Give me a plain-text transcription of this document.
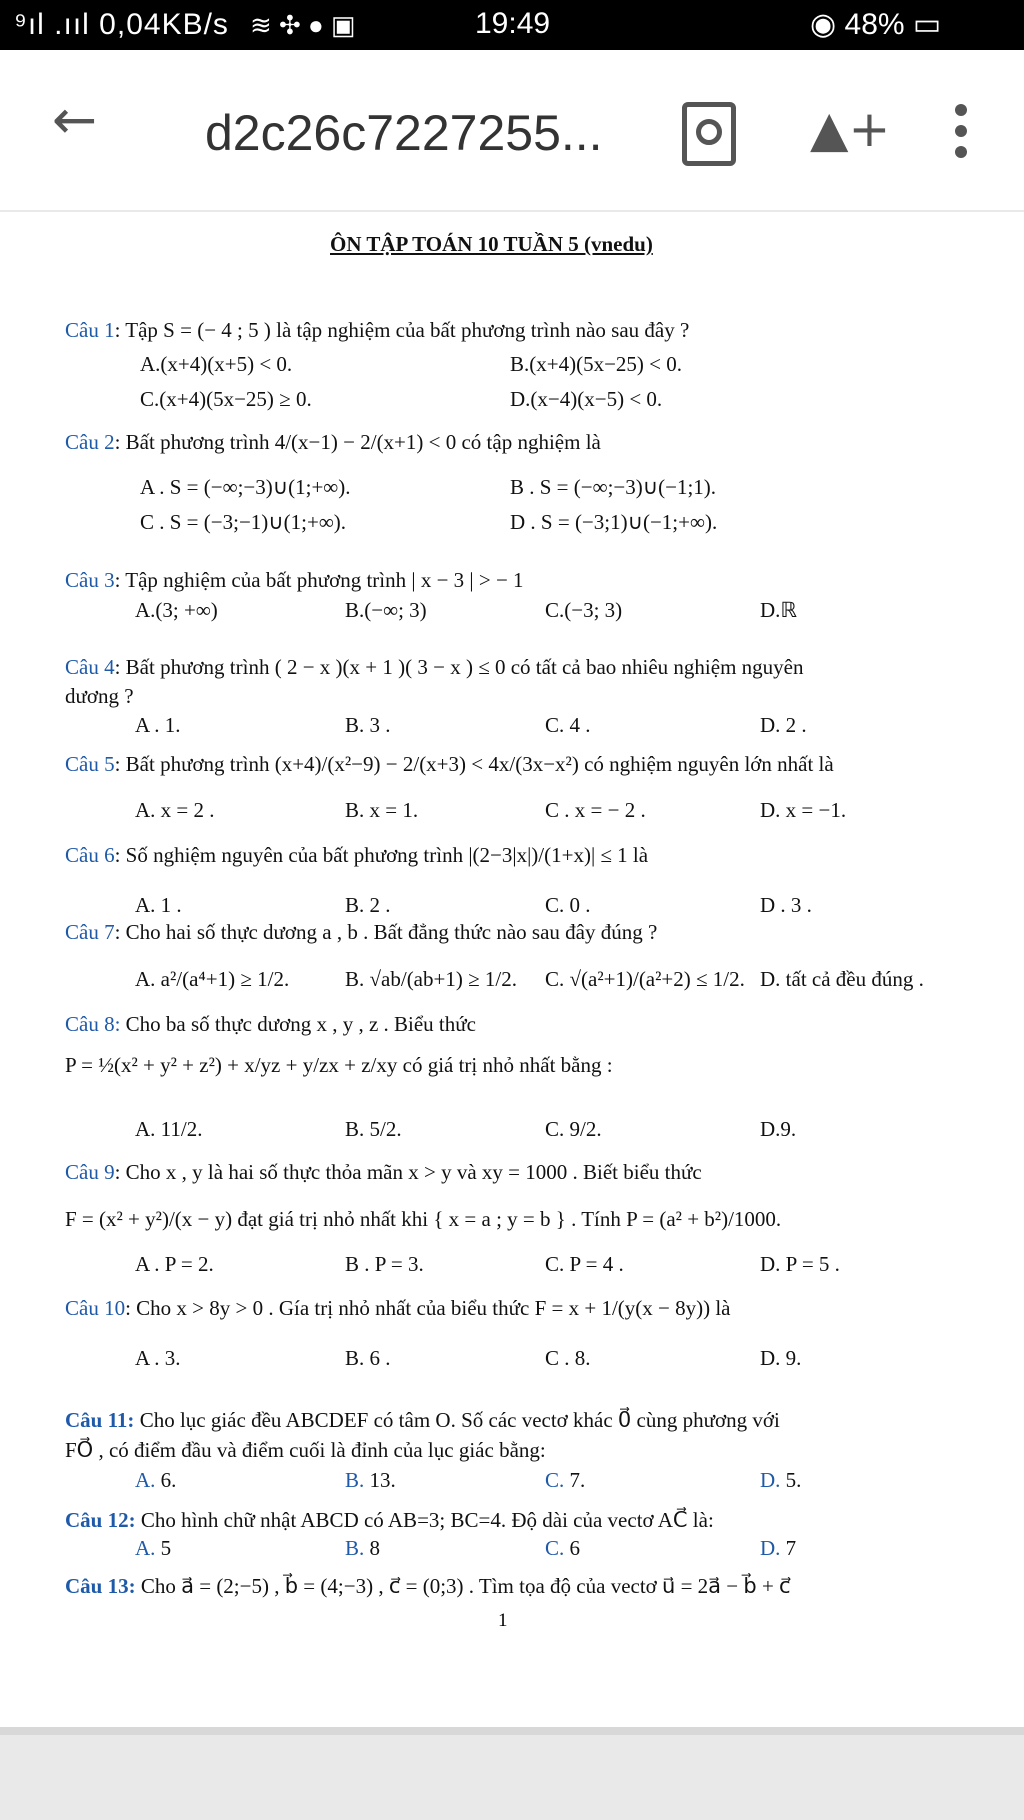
⁹ıl .ııl 0,04KB/s ≋ ✣ ● ▣	19:49	◉ 48% ▭
← d2c26c7227255...	▲+
ÔN TẬP TOÁN 10 TUẦN 5 (vnedu)
Câu 1: Tập S = (− 4 ; 5 ) là tập nghiệm của bất phương trình nào sau đây ?
A.(x+4)(x+5) < 0.	B.(x+4)(5x−25) < 0.
C.(x+4)(5x−25) ≥ 0.	D.(x−4)(x−5) < 0.
Câu 2: Bất phương trình 4/(x−1) − 2/(x+1) < 0 có tập nghiệm là
A . S = (−∞;−3)∪(1;+∞).	B . S = (−∞;−3)∪(−1;1).
C . S = (−3;−1)∪(1;+∞).	D . S = (−3;1)∪(−1;+∞).
Câu 3: Tập nghiệm của bất phương trình | x − 3 | > − 1
A.(3; +∞)	B.(−∞; 3)	C.(−3; 3)	D.ℝ
Câu 4: Bất phương trình ( 2 − x )(x + 1 )( 3 − x ) ≤ 0 có tất cả bao nhiêu nghiệm nguyên
dương ?
A . 1.	B. 3 .	C. 4 .	D. 2 .
Câu 5: Bất phương trình (x+4)/(x²−9) − 2/(x+3) < 4x/(3x−x²) có nghiệm nguyên lớn nhất là
A. x = 2 .	B. x = 1.	C . x = − 2 .	D. x = −1.
Câu 6: Số nghiệm nguyên của bất phương trình |(2−3|x|)/(1+x)| ≤ 1 là
A. 1 .	B. 2 .	C. 0 .	D . 3 .
Câu 7: Cho hai số thực dương a , b . Bất đẳng thức nào sau đây đúng ?
A. a²/(a⁴+1) ≥ 1/2.	B. √ab/(ab+1) ≥ 1/2. C. √(a²+1)/(a²+2) ≤ 1/2. D. tất cả đều đúng .
Câu 8: Cho ba số thực dương x , y , z . Biểu thức
P = ½(x² + y² + z²) + x/yz + y/zx + z/xy có giá trị nhỏ nhất bằng :
A. 11/2.	B. 5/2.	C. 9/2.	D.9.
Câu 9: Cho x , y là hai số thực thỏa mãn x > y và xy = 1000 . Biết biểu thức
F = (x² + y²)/(x − y) đạt giá trị nhỏ nhất khi { x = a ; y = b } . Tính P = (a² + b²)/1000.
A . P = 2.	B . P = 3.	C. P = 4 .	D. P = 5 .
Câu 10: Cho x > 8y > 0 . Gía trị nhỏ nhất của biểu thức F = x + 1/(y(x − 8y)) là
A . 3.	B. 6 .	C . 8.	D. 9.
Câu 11: Cho lục giác đều ABCDEF có tâm O. Số các vectơ khác 0⃗ cùng phương với
FO⃗ , có điểm đầu và điểm cuối là đỉnh của lục giác bằng:
A. 6.	B. 13.	C. 7.	D. 5.
Câu 12: Cho hình chữ nhật ABCD có AB=3; BC=4. Độ dài của vectơ AC⃗ là:
A. 5	B. 8	C. 6	D. 7
Câu 13: Cho a⃗ = (2;−5) , b⃗ = (4;−3) , c⃗ = (0;3) . Tìm tọa độ của vectơ u⃗ = 2a⃗ − b⃗ + c⃗
1
